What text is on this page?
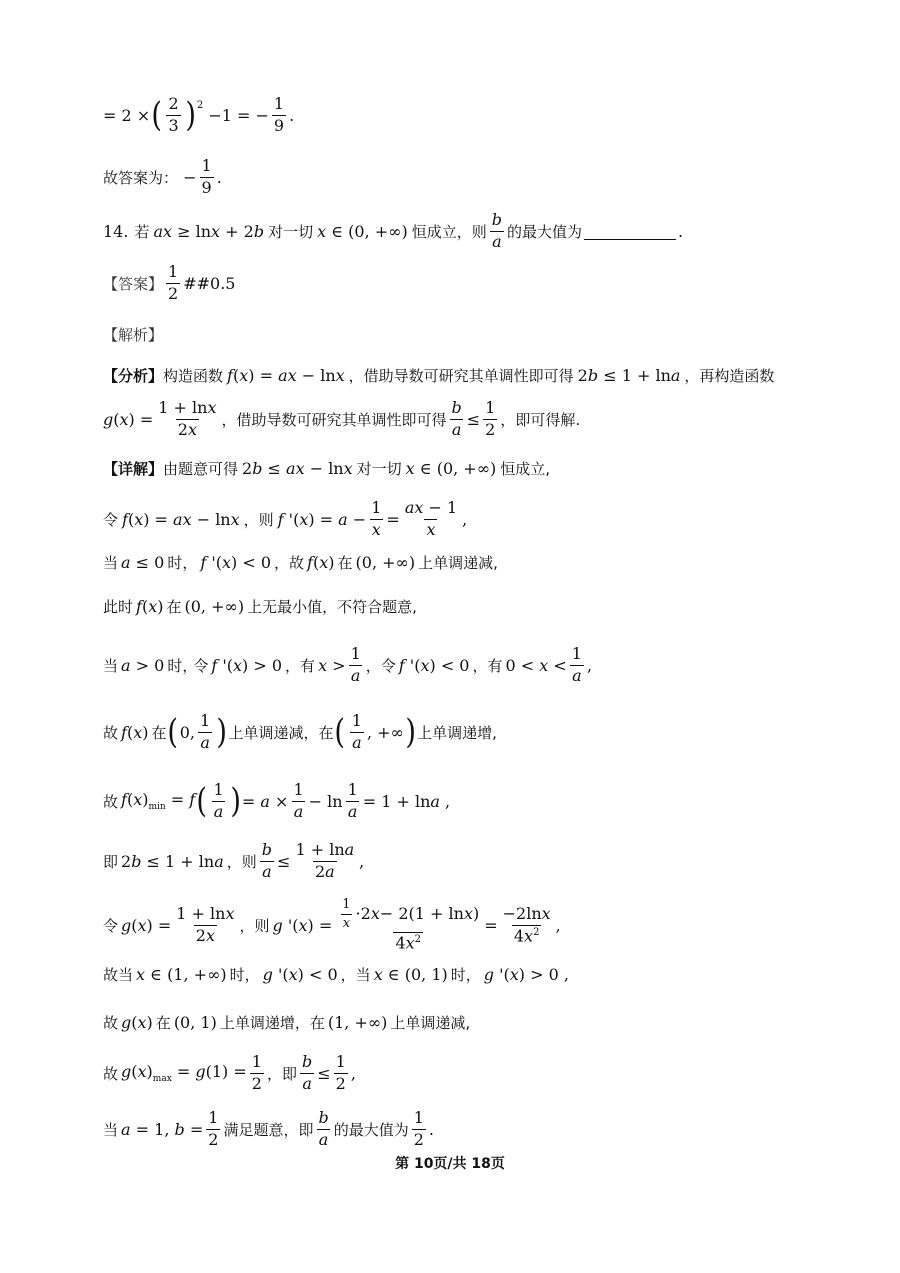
= 2 × ( $\frac{2}{3} )^2$
−1 = − $\frac{1}{9}$ .
故答案为： − $\frac{1}{9}$ .
14. 若 ax ≥ lnx + 2b 对一切 x ∈ (0, +∞) 恒成立，则 $\frac{b}{a}$ 的最大值为	.
【答案】 $\frac{1}{2}$ ##0.5
【解析】
【分析】 构造函数 f(x) = ax − lnx ，借助导数可研究其单调性即可得 2b ≤ 1 + lna ，再构造函数
$g(x) = \frac{1 + \ln x}{2x}$ ，借助导数可研究其单调性即可得 $\frac{b}{a} \le \frac{1}{2}$ ，即可得解.
【详解】 由题意可得 2b ≤ ax − lnx 对一切 x ∈ (0, +∞) 恒成立,
令 f(x) = ax − lnx ，则 f '$(x) = a - \frac{1}{x} = \frac{ax - 1}{x}$ ,
当 a ≤ 0 时， f '(x) < 0 ，故 f(x) 在 (0, +∞) 上单调递减,
此时 f(x) 在 (0, +∞) 上无最小值，不符合题意,
当 a > 0 时，
令 f '(x) > 0 ，有 $x > \frac{1}{a}$ ，令 f '(x) < 0 ，有 $0 < x < \frac{1}{a}$ ,
故 f(x) 在 ( 0, $\frac{1}{a}$ ) 上单调递减，在 ( $\frac{1}{a}$ , +∞ ) 上单调递增,
故 $f(x)_{min} = f$ ( $\frac{1}{a}$ ) = $a \times \frac{1}{a} - \ln \frac{1}{a} = 1 + \ln a$ ,
即 2b ≤ 1 + lna ，则 $\frac{b}{a} \le \frac{1 + \ln a}{2a}$ ,
令 $g(x) = \frac{1 + \ln x}{2x}$ ，则 g '$(x) = \frac{\frac{1}{x} \cdot 2 x - 2(1 + \ln x )}{4x^2} = \frac{-2\ln x}{4x^2}$ ,
故当 x ∈ (1, +∞) 时， g '(x) < 0 ，当 x ∈ (0, 1) 时， g '(x) > 0 ,
故 g(x) 在 (0, 1) 上单调递增，在 (1, +∞) 上单调递减,
故 $g(x)_{max} = g(1) = \frac{1}{2}$ ，即 $\frac{b}{a} \le \frac{1}{2}$ ,
当 a = 1, $b = \frac{1}{2}$ 满足题意，即 $\frac{b}{a}$ 的最大值为 $\frac{1}{2}$ .
第 10页/共 18页
